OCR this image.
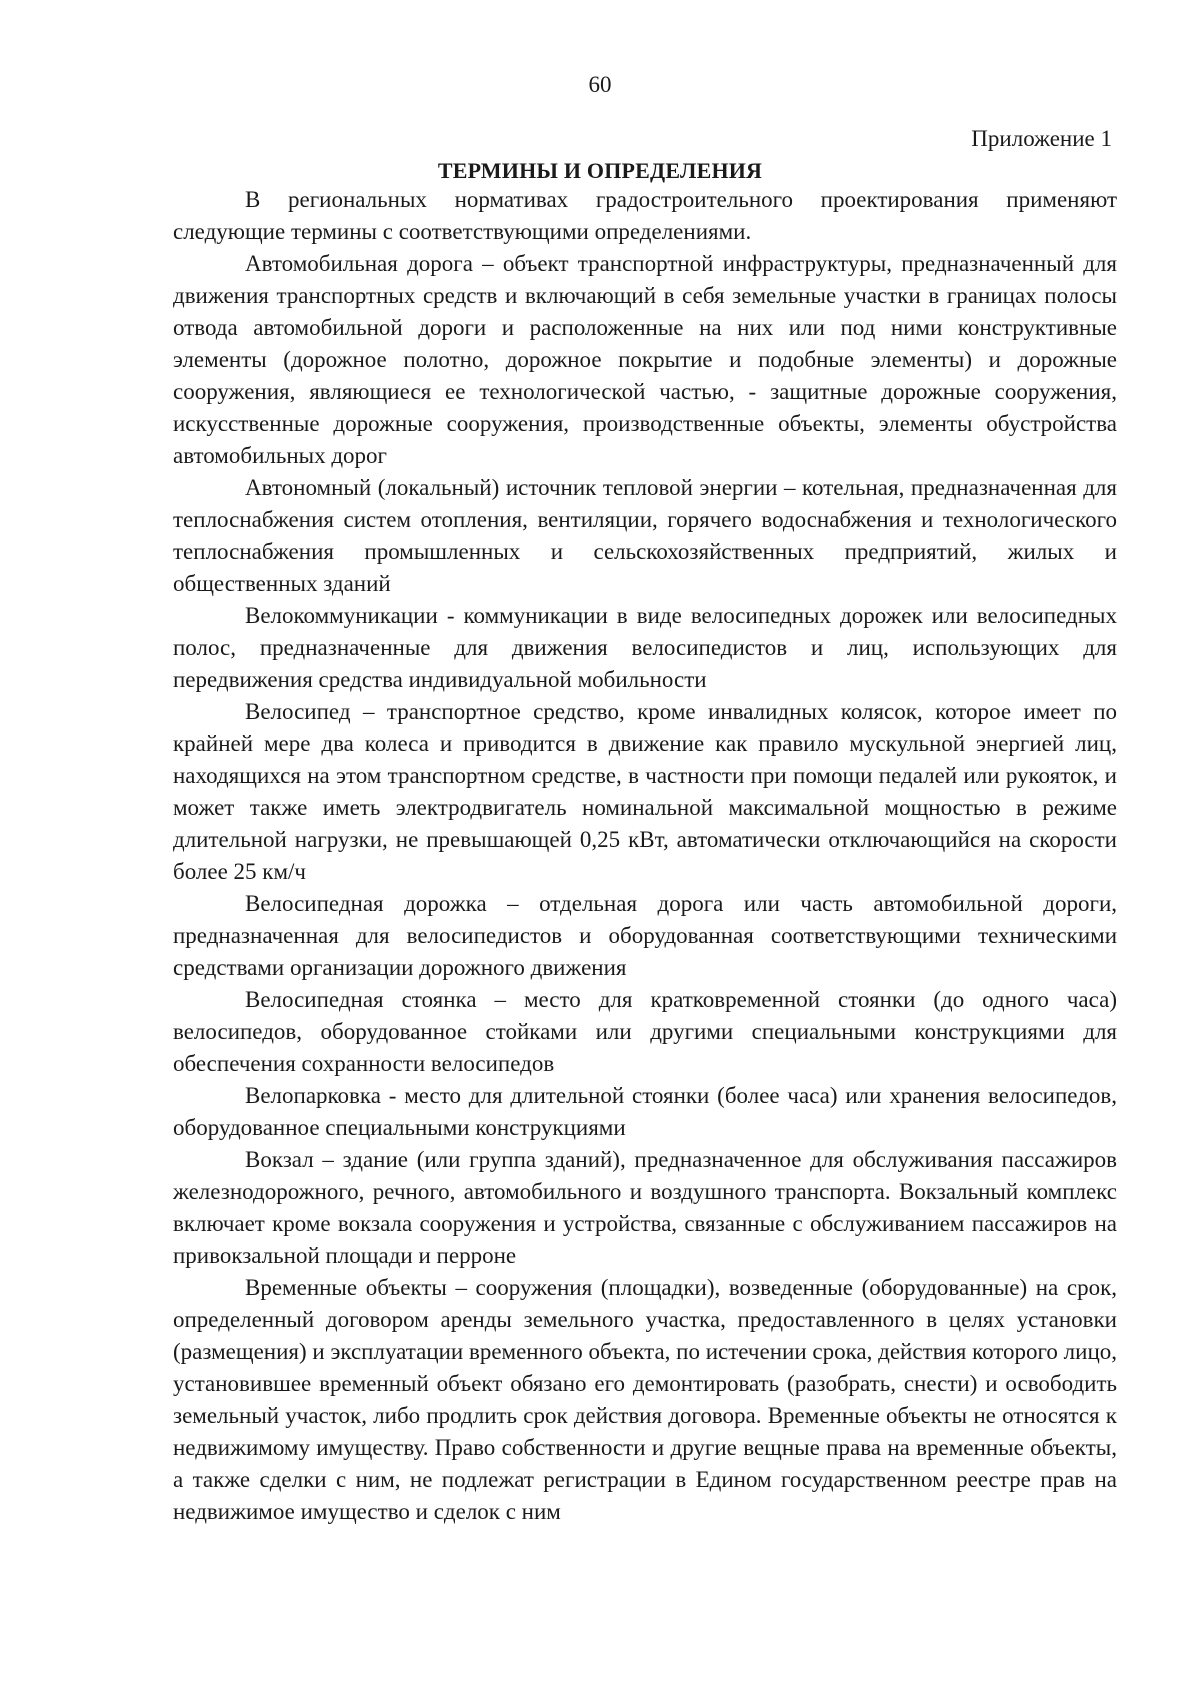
60
Приложение 1
ТЕРМИНЫ И ОПРЕДЕЛЕНИЯ

В региональных нормативах градостроительного проектирования применяют следующие термины с соответствующими определениями.

Автомобильная дорога – объект транспортной инфраструктуры, предназначенный для движения транспортных средств и включающий в себя земельные участки в границах полосы отвода автомобильной дороги и расположенные на них или под ними конструктивные элементы (дорожное полотно, дорожное покрытие и подобные элементы) и дорожные сооружения, являющиеся ее технологической частью, - защитные дорожные сооружения, искусственные дорожные сооружения, производственные объекты, элементы обустройства автомобильных дорог

Автономный (локальный) источник тепловой энергии – котельная, предназначенная для теплоснабжения систем отопления, вентиляции, горячего водоснабжения и технологического теплоснабжения промышленных и сельскохозяйственных предприятий, жилых и общественных зданий

Велокоммуникации - коммуникации в виде велосипедных дорожек или велосипедных полос, предназначенные для движения велосипедистов и лиц, использующих для передвижения средства индивидуальной мобильности

Велосипед – транспортное средство, кроме инвалидных колясок, которое имеет по крайней мере два колеса и приводится в движение как правило мускульной энергией лиц, находящихся на этом транспортном средстве, в частности при помощи педалей или рукояток, и может также иметь электродвигатель номинальной максимальной мощностью в режиме длительной нагрузки, не превышающей 0,25 кВт, автоматически отключающийся на скорости более 25 км/ч

Велосипедная дорожка – отдельная дорога или часть автомобильной дороги, предназначенная для велосипедистов и оборудованная соответствующими техническими средствами организации дорожного движения

Велосипедная стоянка – место для кратковременной стоянки (до одного часа) велосипедов, оборудованное стойками или другими специальными конструкциями для обеспечения сохранности велосипедов

Велопарковка - место для длительной стоянки (более часа) или хранения велосипедов, оборудованное специальными конструкциями

Вокзал – здание (или группа зданий), предназначенное для обслуживания пассажиров железнодорожного, речного, автомобильного и воздушного транспорта. Вокзальный комплекс включает кроме вокзала сооружения и устройства, связанные с обслуживанием пассажиров на привокзальной площади и перроне

Временные объекты – сооружения (площадки), возведенные (оборудованные) на срок, определенный договором аренды земельного участка, предоставленного в целях установки (размещения) и эксплуатации временного объекта, по истечении срока, действия которого лицо, установившее временный объект обязано его демонтировать (разобрать, снести) и освободить земельный участок, либо продлить срок действия договора. Временные объекты не относятся к недвижимому имуществу. Право собственности и другие вещные права на временные объекты, а также сделки с ним, не подлежат регистрации в Едином государственном реестре прав на недвижимое имущество и сделок с ним
